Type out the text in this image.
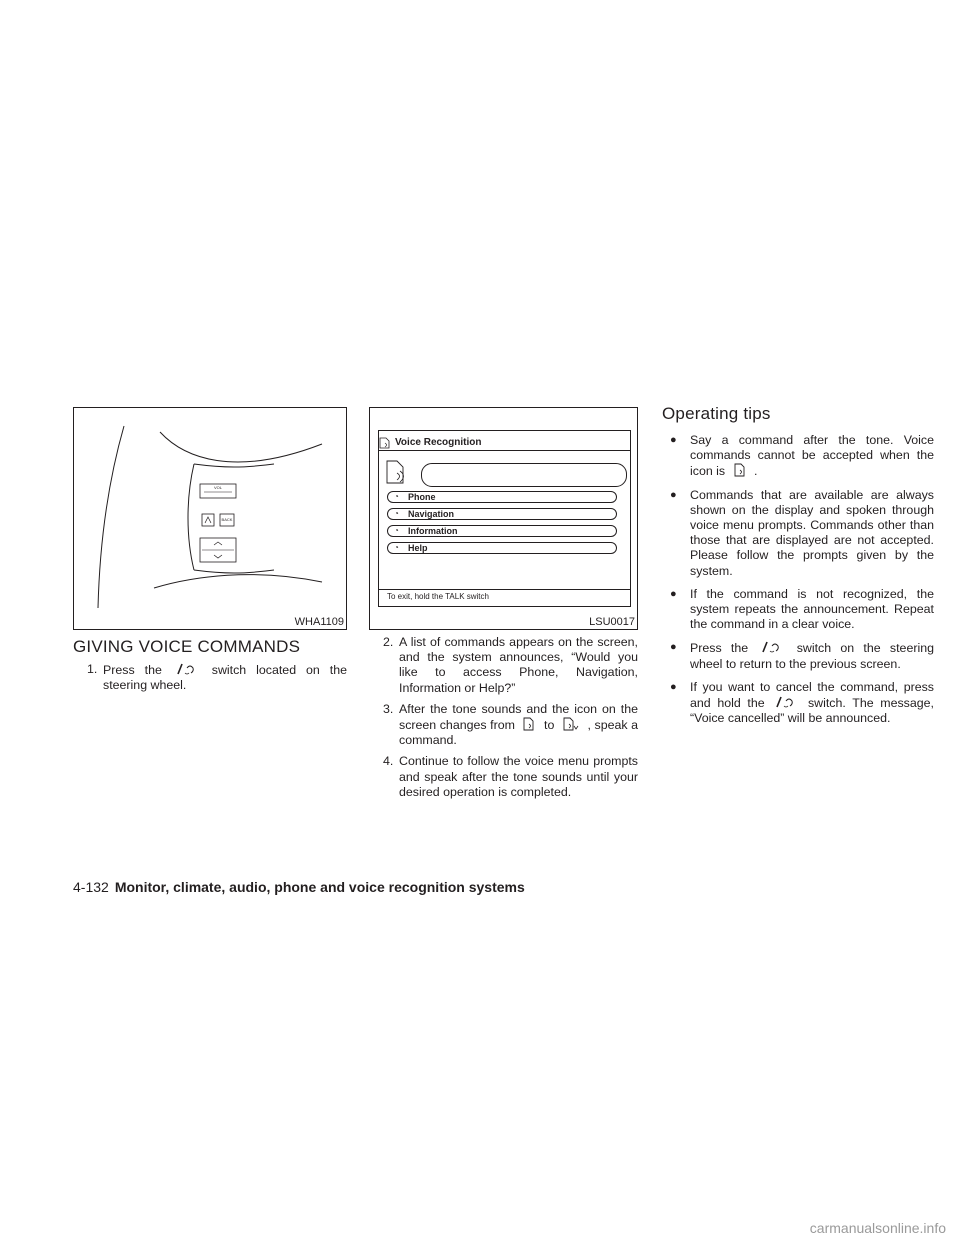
VOL
BACK
WHA1109
Voice Recognition
◔ Phone
◔ Navigation
◔ Information
◔ Help
To exit, hold the TALK switch
LSU0017
GIVING VOICE COMMANDS
1. Press the	switch located on the steering wheel.
2. A list of commands appears on the screen, and the system announces, “Would you like to access Phone, Navigation, Information or Help?”
3. After the tone sounds and the icon on the screen changes from to	, speak a command.
4. Continue to follow the voice menu prompts and speak after the tone sounds until your desired operation is completed.
Operating tips
● Say a command after the tone. Voice commands cannot be accepted when the icon is .
● Commands that are available are always shown on the display and spoken through voice menu prompts. Commands other than those that are displayed are not accepted. Please follow the prompts given by the system.
● If the command is not recognized, the system repeats the announcement. Repeat the command in a clear voice.
● Press the	switch on the steering wheel to return to the previous screen.
● If you want to cancel the command, press and hold the	switch. The message, “Voice cancelled” will be announced.
4-132 Monitor, climate, audio, phone and voice recognition systems
carmanualsonline.info
